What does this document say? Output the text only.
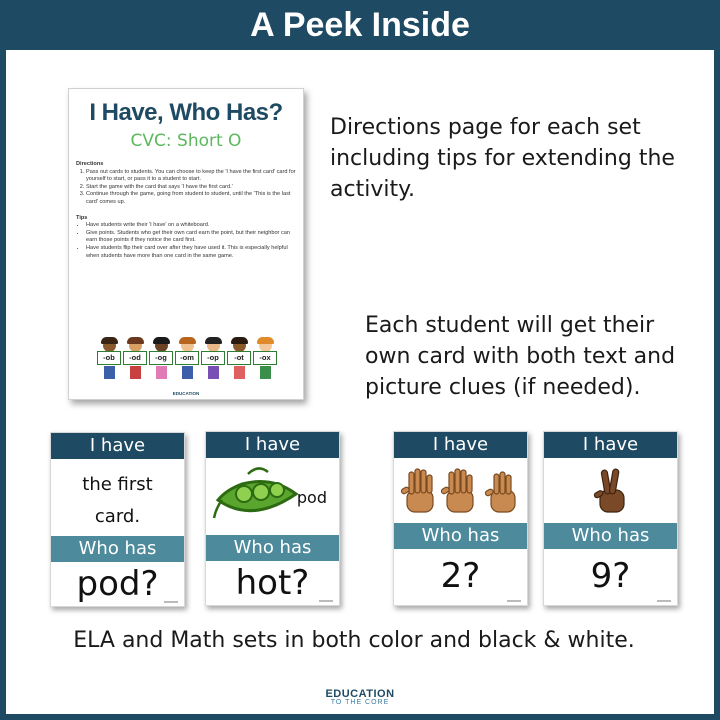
A Peek Inside
I Have, Who Has?
CVC: Short O
Directions
1. Pass out cards to students. You can choose to keep the 'I have the first card' card for yourself to start, or pass it to a student to start.
2. Start the game with the card that says 'I have the first card.'
3. Continue through the game, going from student to student, until the 'This is the last card' comes up.
Tips
• Have students write their 'I have' on a whiteboard.
• Give points. Students who get their own card earn the point, but their neighbor can earn those points if they notice the card first.
• Have students flip their card over after they have used it. This is especially helpful when students have more than one card in the same game.
-ob	-od	-og	-om	-op	-ot	-ox
EDUCATION
Directions page for each set including tips for extending the activity.
Each student will get their own card with both text and picture clues (if needed).
I have
the first card.
Who has
pod?
I have
pod
Who has
hot?
I have
Who has
2?
I have
Who has
9?
ELA and Math sets in both color and black & white.
EDUCATION
TO THE CORE
